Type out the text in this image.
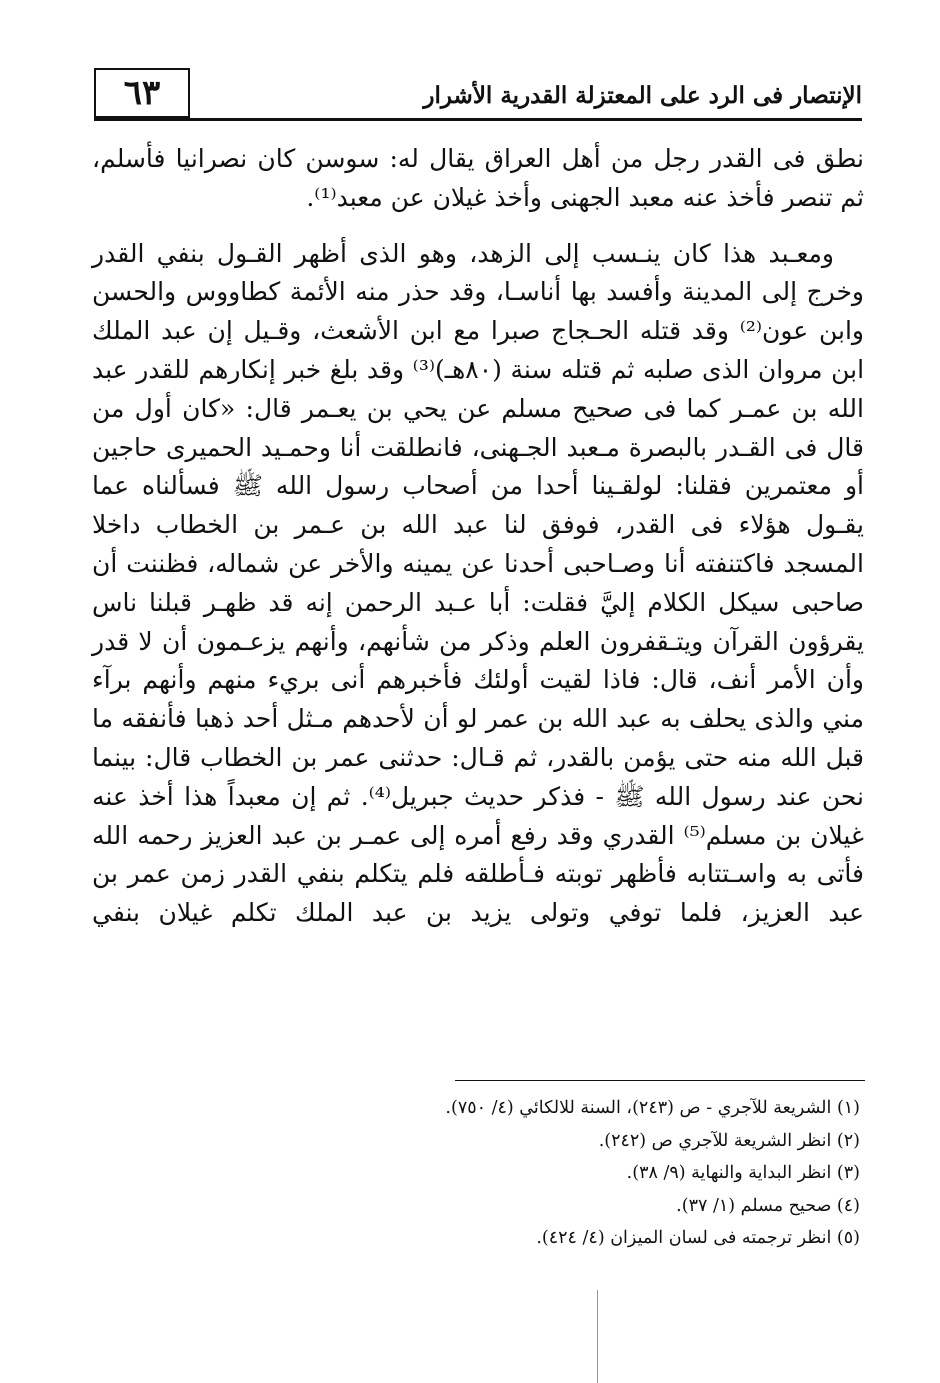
٦٣	الإنتصار فى الرد على المعتزلة القدرية الأشرار

نطق فى القدر رجل من أهل العراق يقال له: سوسن كان نصرانيا فأسلم، ثم تنصر فأخذ عنه معبد الجهنى وأخذ غيلان عن معبد⁽¹⁾.

ومعـبد هذا كان ينـسب إلى الزهد، وهو الذى أظهر القـول بنفي القدر وخرج إلى المدينة وأفسد بها أناسـا، وقد حذر منه الأئمة كطاووس والحسن وابن عون⁽²⁾ وقد قتله الحـجاج صبرا مع ابن الأشعث، وقـيل إن عبد الملك ابن مروان الذى صلبه ثم قتله سنة (٨٠هـ)⁽³⁾ وقد بلغ خبر إنكارهم للقدر عبد الله بن عمـر كما فى صحيح مسلم عن يحي بن يعـمر قال: «كان أول من قال فى القـدر بالبصرة مـعبد الجـهنى، فانطلقت أنا وحمـيد الحميرى حاجين أو معتمرين فقلنا: لولقـينا أحدا من أصحاب رسول الله ﷺ فسألناه عما يقـول هؤلاء فى القدر، فوفق لنا عبد الله بن عـمر بن الخطاب داخلا المسجد فاكتنفته أنا وصـاحبى أحدنا عن يمينه والأخر عن شماله، فظننت أن صاحبى سيكل الكلام إليَّ فقلت: أبا عـبد الرحمن إنه قد ظهـر قبلنا ناس يقرؤون القرآن ويتـقفرون العلم وذكر من شأنهم، وأنهم يزعـمون أن لا قدر وأن الأمر أنف، قال: فاذا لقيت أولئك فأخبرهم أنى بريء منهم وأنهم برآء مني والذى يحلف به عبد الله بن عمر لو أن لأحدهم مـثل أحد ذهبا فأنفقه ما قبل الله منه حتى يؤمن بالقدر، ثم قـال: حدثنى عمر بن الخطاب قال: بينما نحن عند رسول الله ﷺ - فذكر حديث جبريل⁽⁴⁾. ثم إن معبداً هذا أخذ عنه غيلان بن مسلم⁽⁵⁾ القدري وقد رفع أمره إلى عمـر بن عبد العزيز رحمه الله فأتى به واسـتتابه فأظهر توبته فـأطلقه فلم يتكلم بنفي القدر زمن عمر بن عبد العزيز، فلما توفي وتولى يزيد بن عبد الملك تكلم غيلان بنفي

(١) الشريعة للآجري - ص (٢٤٣)، السنة للالكائي (٤/ ٧٥٠).
(٢) انظر الشريعة للآجري ص (٢٤٢).
(٣) انظر البداية والنهاية (٩/ ٣٨).
(٤) صحيح مسلم (١/ ٣٧).
(٥) انظر ترجمته فى لسان الميزان (٤/ ٤٢٤).
